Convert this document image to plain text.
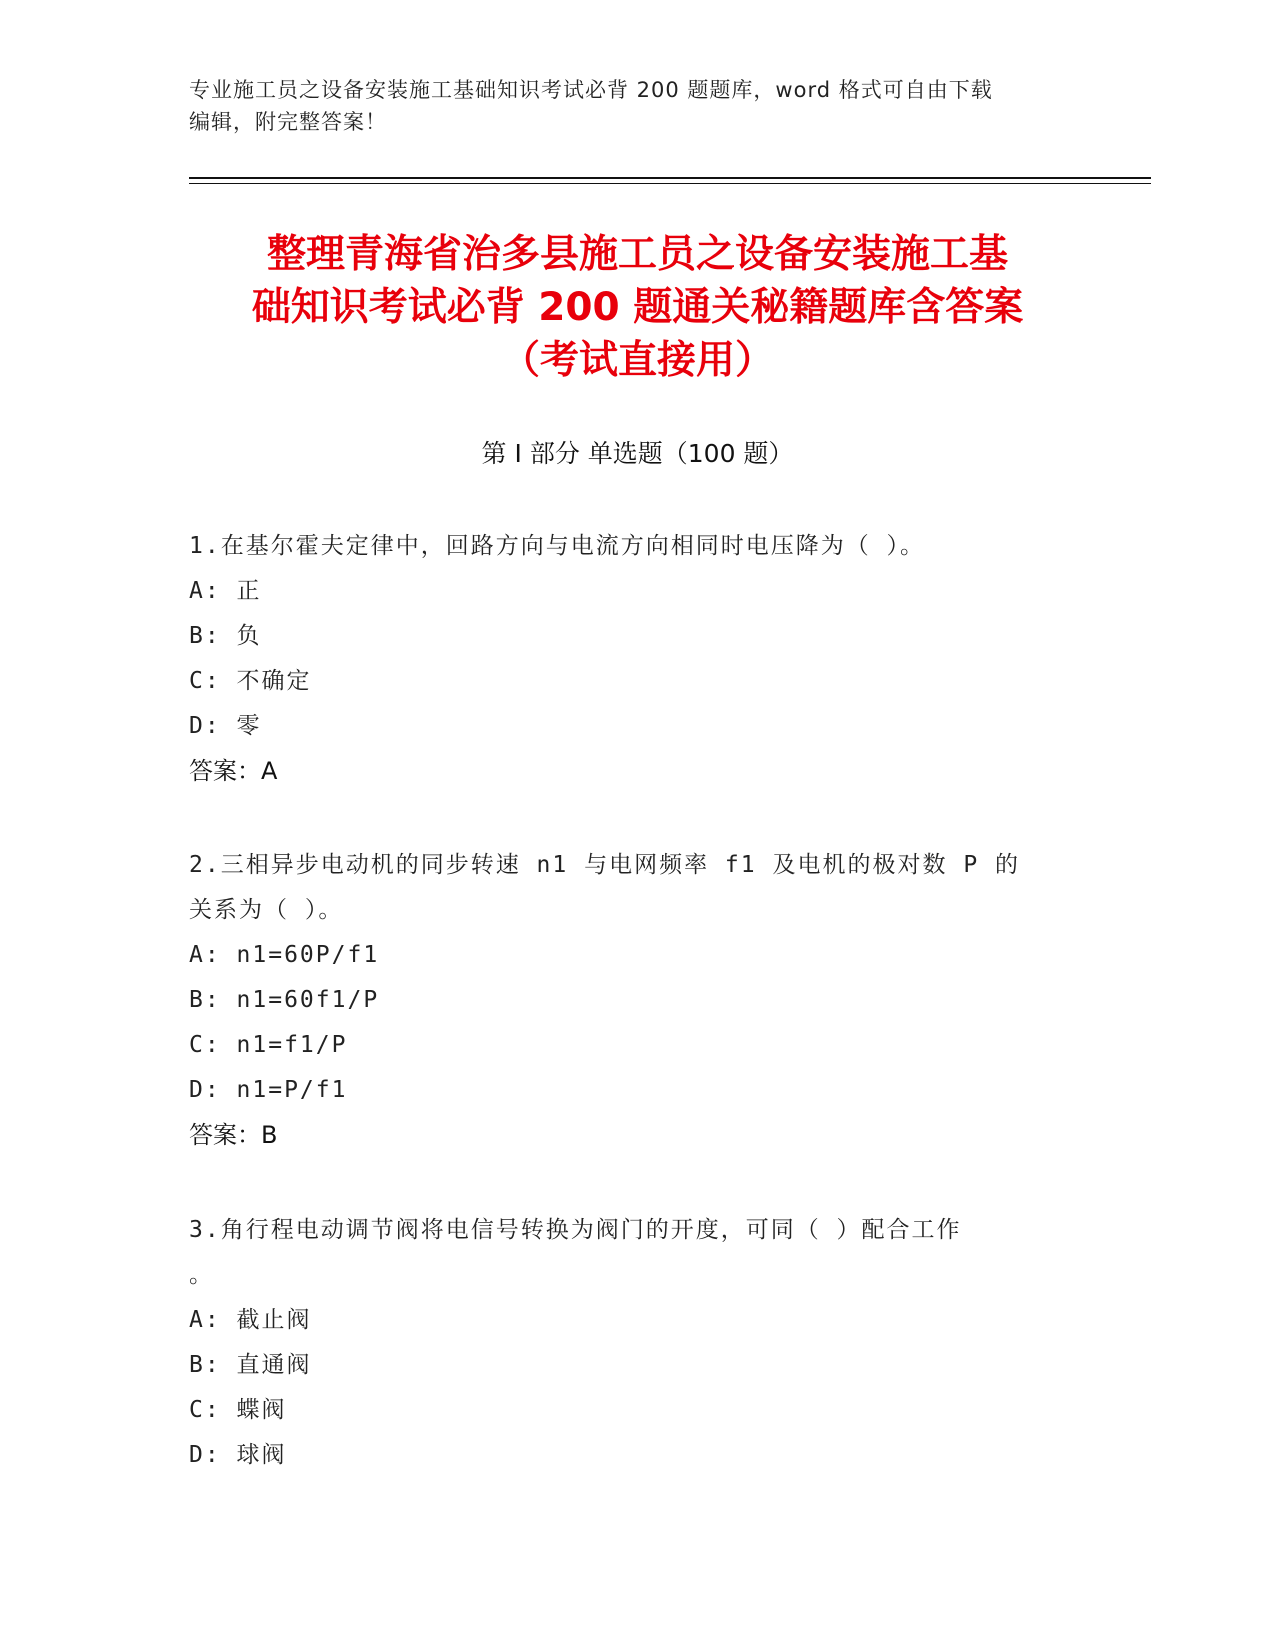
专业施工员之设备安装施工基础知识考试必背 200 题题库，word 格式可自由下载
编辑，附完整答案！
整理青海省治多县施工员之设备安装施工基
础知识考试必背 200 题通关秘籍题库含答案
（考试直接用）
第 I 部分 单选题（100 题）

1.在基尔霍夫定律中，回路方向与电流方向相同时电压降为（ ）。

A: 正

B: 负

C: 不确定

D: 零

答案：A

2.三相异步电动机的同步转速 n1 与电网频率 f1 及电机的极对数 P 的

关系为（ ）。

A: n1=60P/f1

B: n1=60f1/P

C: n1=f1/P

D: n1=P/f1

答案：B

3.角行程电动调节阀将电信号转换为阀门的开度，可同（ ）配合工作

。

A: 截止阀

B: 直通阀

C: 蝶阀

D: 球阀
